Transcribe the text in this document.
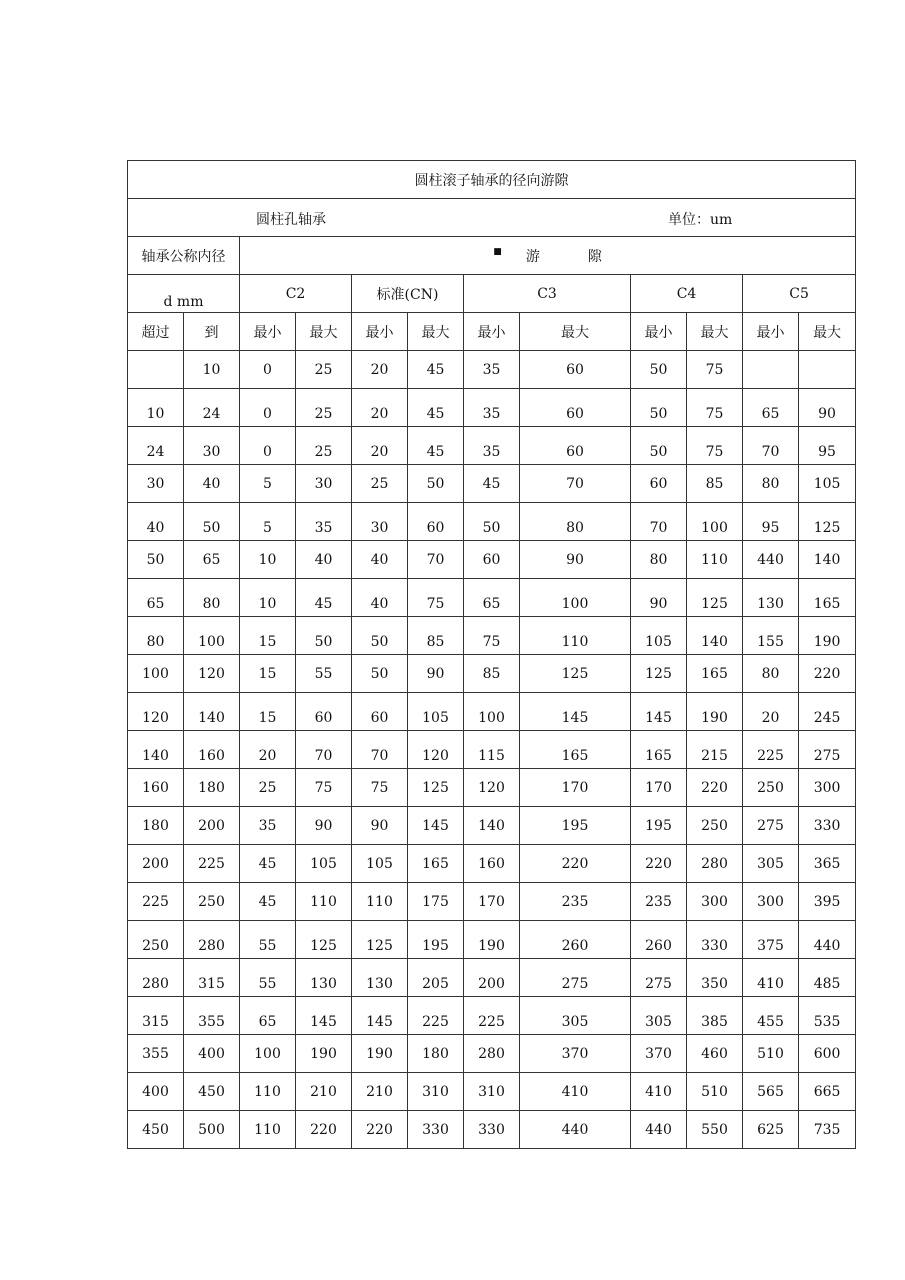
圆柱滚子轴承的径向游隙											

圆柱孔轴承 单位：um											

轴承公称内径		■ 游 隙									
d mm		C2		标准(CN)		C3		C4		C5	
超过	到	最小	最大	最小	最大	最小	最大	最小	最大	最小	最大
	10	0	25	20	45	35	60	50	75		
10	24	0	25	20	45	35	60	50	75	65	90
24	30	0	25	20	45	35	60	50	75	70	95
30	40	5	30	25	50	45	70	60	85	80	105
40	50	5	35	30	60	50	80	70	100	95	125
50	65	10	40	40	70	60	90	80	110	440	140
65	80	10	45	40	75	65	100	90	125	130	165
80	100	15	50	50	85	75	110	105	140	155	190
100	120	15	55	50	90	85	125	125	165	80	220
120	140	15	60	60	105	100	145	145	190	20	245
140	160	20	70	70	120	115	165	165	215	225	275
160	180	25	75	75	125	120	170	170	220	250	300
180	200	35	90	90	145	140	195	195	250	275	330
200	225	45	105	105	165	160	220	220	280	305	365
225	250	45	110	110	175	170	235	235	300	300	395
250	280	55	125	125	195	190	260	260	330	375	440
280	315	55	130	130	205	200	275	275	350	410	485
315	355	65	145	145	225	225	305	305	385	455	535
355	400	100	190	190	180	280	370	370	460	510	600
400	450	110	210	210	310	310	410	410	510	565	665
450	500	110	220	220	330	330	440	440	550	625	735
